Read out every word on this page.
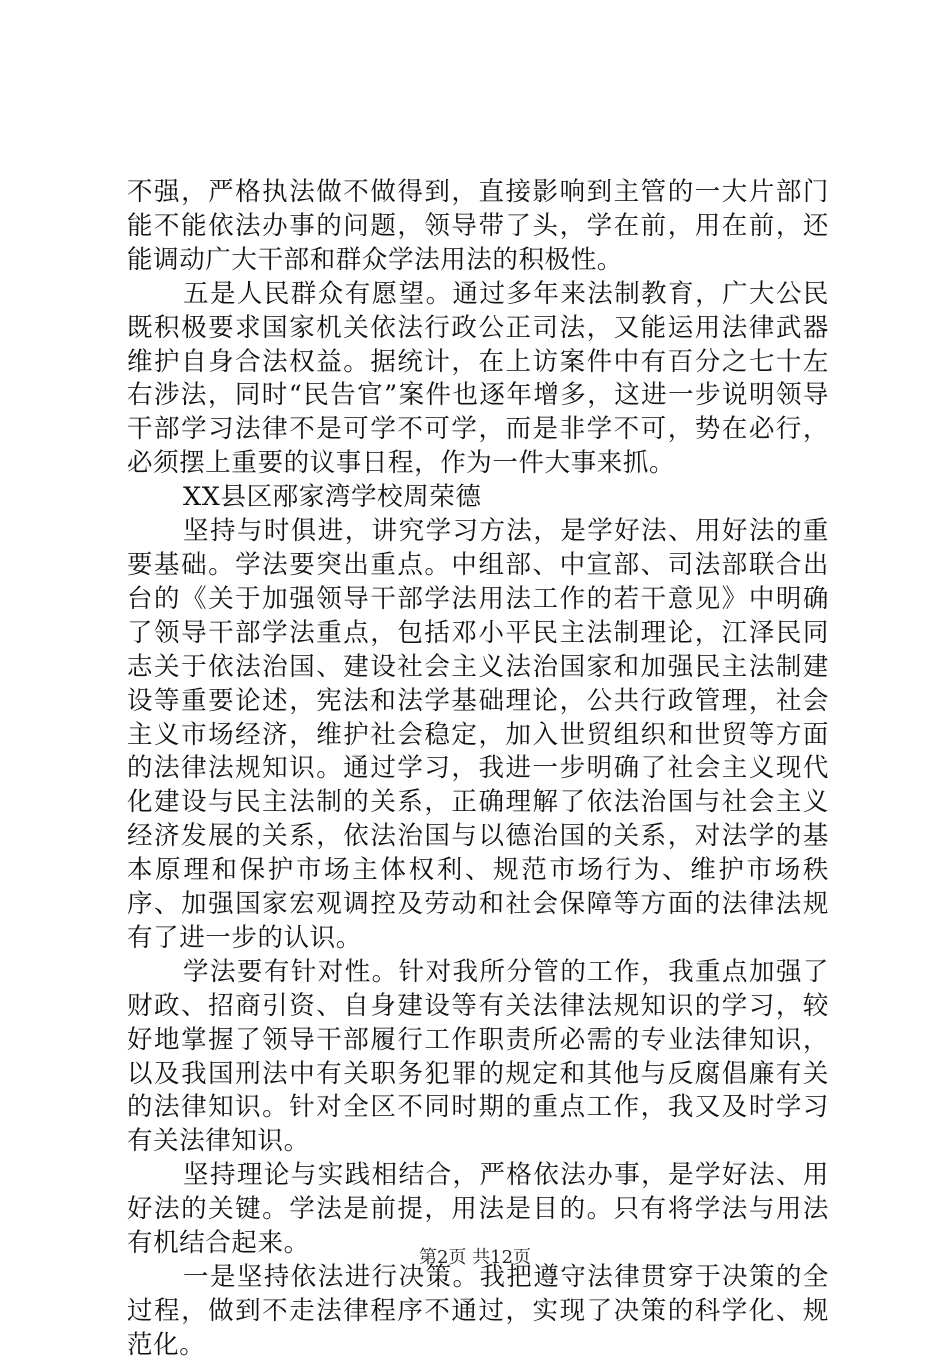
不强，严格执法做不做得到，直接影响到主管的一大片部门能不能依法办事的问题，领导带了头，学在前，用在前，还能调动广大干部和群众学法用法的积极性。

五是人民群众有愿望。通过多年来法制教育，广大公民既积极要求国家机关依法行政公正司法，又能运用法律武器维护自身合法权益。据统计，在上访案件中有百分之七十左右涉法，同时“民告官”案件也逐年增多，这进一步说明领导干部学习法律不是可学不可学，而是非学不可，势在必行，必须摆上重要的议事日程，作为一件大事来抓。

XX县区邴家湾学校周荣德

坚持与时俱进，讲究学习方法，是学好法、用好法的重要基础。学法要突出重点。中组部、中宣部、司法部联合出台的《关于加强领导干部学法用法工作的若干意见》中明确了领导干部学法重点，包括邓小平民主法制理论，江泽民同志关于依法治国、建设社会主义法治国家和加强民主法制建设等重要论述，宪法和法学基础理论，公共行政管理，社会主义市场经济，维护社会稳定，加入世贸组织和世贸等方面的法律法规知识。通过学习，我进一步明确了社会主义现代化建设与民主法制的关系，正确理解了依法治国与社会主义经济发展的关系，依法治国与以德治国的关系，对法学的基本原理和保护市场主体权利、规范市场行为、维护市场秩序、加强国家宏观调控及劳动和社会保障等方面的法律法规有了进一步的认识。

学法要有针对性。针对我所分管的工作，我重点加强了财政、招商引资、自身建设等有关法律法规知识的学习，较好地掌握了领导干部履行工作职责所必需的专业法律知识，以及我国刑法中有关职务犯罪的规定和其他与反腐倡廉有关的法律知识。针对全区不同时期的重点工作，我又及时学习有关法律知识。

坚持理论与实践相结合，严格依法办事，是学好法、用好法的关键。学法是前提，用法是目的。只有将学法与用法有机结合起来。

一是坚持依法进行决策。我把遵守法律贯穿于决策的全过程，做到不走法律程序不通过，实现了决策的科学化、规范化。

第2页 共12页
